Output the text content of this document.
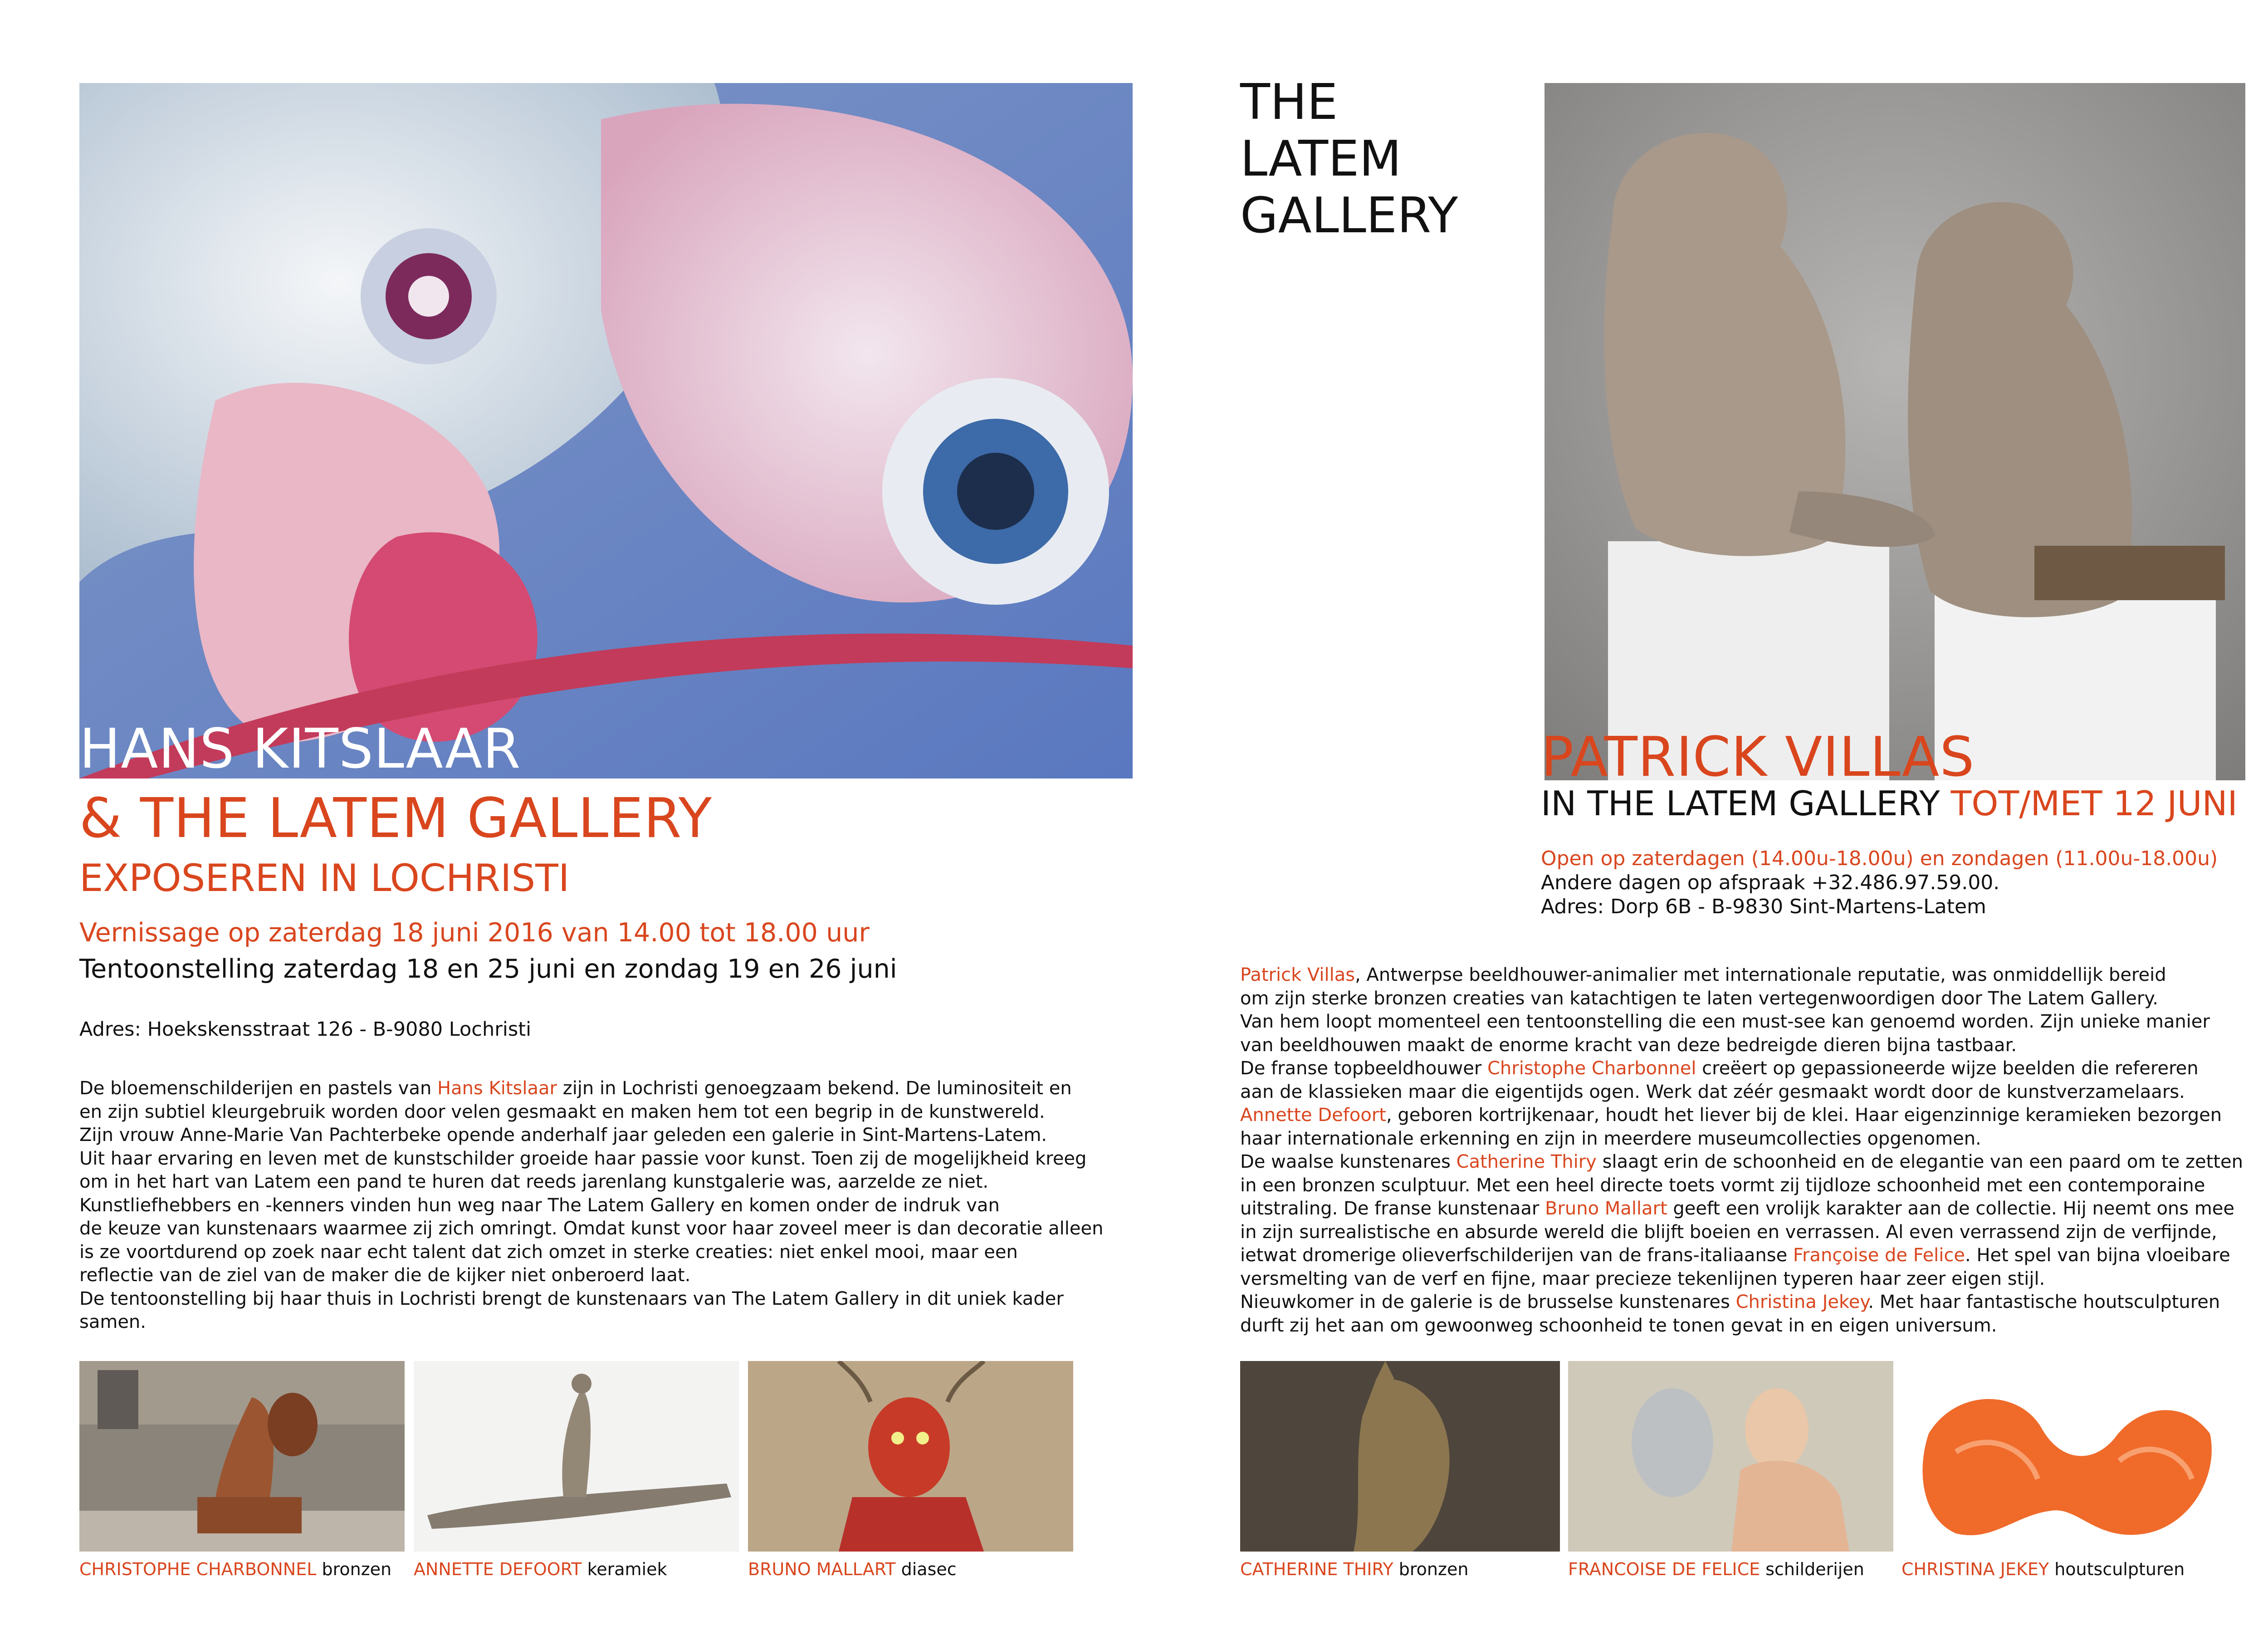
HANS KITSLAAR
& THE LATEM GALLERY
EXPOSEREN IN LOCHRISTI
Vernissage op zaterdag 18 juni 2016 van 14.00 tot 18.00 uur
Tentoonstelling zaterdag 18 en 25 juni en zondag 19 en 26 juni
Adres: Hoekskensstraat 126 - B-9080 Lochristi

De bloemenschilderijen en pastels van Hans Kitslaar zijn in Lochristi genoegzaam bekend. De luminositeit en

en zijn subtiel kleurgebruik worden door velen gesmaakt en maken hem tot een begrip in de kunstwereld.

Zijn vrouw Anne-Marie Van Pachterbeke opende anderhalf jaar geleden een galerie in Sint-Martens-Latem.

Uit haar ervaring en leven met de kunstschilder groeide haar passie voor kunst. Toen zij de mogelijkheid kreeg

om in het hart van Latem een pand te huren dat reeds jarenlang kunstgalerie was, aarzelde ze niet.

Kunstliefhebbers en -kenners vinden hun weg naar The Latem Gallery en komen onder de indruk van

de keuze van kunstenaars waarmee zij zich omringt. Omdat kunst voor haar zoveel meer is dan decoratie alleen

is ze voortdurend op zoek naar echt talent dat zich omzet in sterke creaties: niet enkel mooi, maar een

reflectie van de ziel van de maker die de kijker niet onberoerd laat.

De tentoonstelling bij haar thuis in Lochristi brengt de kunstenaars van The Latem Gallery in dit uniek kader

samen.

CHRISTOPHE CHARBONNEL bronzen ANNETTE DEFOORT keramiek	BRUNO MALLART diasec
THE
LATEM
GALLERY
PATRICK VILLAS
IN THE LATEM GALLERY TOT/MET 12 JUNI
Open op zaterdagen (14.00u-18.00u) en zondagen (11.00u-18.00u)
Andere dagen op afspraak +32.486.97.59.00.
Adres: Dorp 6B - B-9830 Sint-Martens-Latem

Patrick Villas, Antwerpse beeldhouwer-animalier met internationale reputatie, was onmiddellijk bereid

om zijn sterke bronzen creaties van katachtigen te laten vertegenwoordigen door The Latem Gallery.

Van hem loopt momenteel een tentoonstelling die een must-see kan genoemd worden. Zijn unieke manier

van beeldhouwen maakt de enorme kracht van deze bedreigde dieren bijna tastbaar.

De franse topbeeldhouwer Christophe Charbonnel creëert op gepassioneerde wijze beelden die refereren

aan de klassieken maar die eigentijds ogen. Werk dat zéér gesmaakt wordt door de kunstverzamelaars.

Annette Defoort, geboren kortrijkenaar, houdt het liever bij de klei. Haar eigenzinnige keramieken bezorgen

haar internationale erkenning en zijn in meerdere museumcollecties opgenomen.

De waalse kunstenares Catherine Thiry slaagt erin de schoonheid en de elegantie van een paard om te zetten

in een bronzen sculptuur. Met een heel directe toets vormt zij tijdloze schoonheid met een contemporaine

uitstraling. De franse kunstenaar Bruno Mallart geeft een vrolijk karakter aan de collectie. Hij neemt ons mee

in zijn surrealistische en absurde wereld die blijft boeien en verrassen. Al even verrassend zijn de verfijnde,

ietwat dromerige olieverfschilderijen van de frans-italiaanse Françoise de Felice. Het spel van bijna vloeibare

versmelting van de verf en fijne, maar precieze tekenlijnen typeren haar zeer eigen stijl.

Nieuwkomer in de galerie is de brusselse kunstenares Christina Jekey. Met haar fantastische houtsculpturen

durft zij het aan om gewoonweg schoonheid te tonen gevat in en eigen universum.

CATHERINE THIRY bronzen	FRANCOISE DE FELICE schilderijen CHRISTINA JEKEY houtsculpturen
